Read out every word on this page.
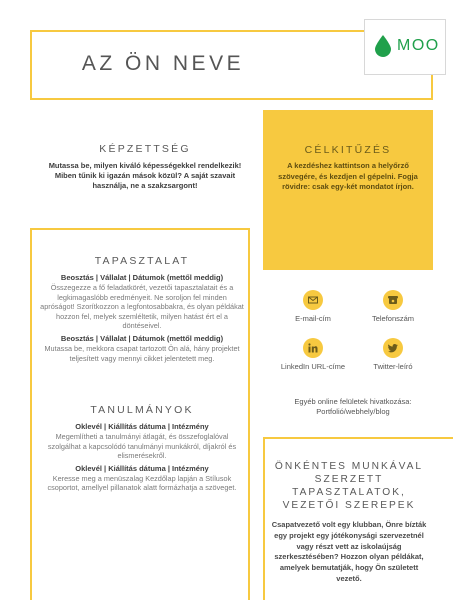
AZ ÖN NEVE
MOO
KÉPZETTSÉG
Mutassa be, milyen kiváló képességekkel rendelkezik! Miben tűnik ki igazán mások közül? A saját szavait használja, ne a szakzsargont!
CÉLKITŰZÉS
A kezdéshez kattintson a helyőrző szövegére, és kezdjen el gépelni. Fogja rövidre: csak egy-két mondatot írjon.
TAPASZTALAT
Beosztás | Vállalat | Dátumok (mettől meddig)
Összegezze a fő feladatkörét, vezetői tapasztalatait és a legkimagaslóbb eredményeit. Ne soroljon fel minden apróságot! Szorítkozzon a legfontosabbakra, és olyan példákat hozzon fel, melyek szemléltetik, milyen hatást ért el a döntéseivel.
Beosztás | Vállalat | Dátumok (mettől meddig)
Mutassa be, mekkora csapat tartozott Ön alá, hány projektet teljesített vagy mennyi cikket jelentetett meg.
TANULMÁNYOK
Oklevél | Kiállítás dátuma | Intézmény
Megemlítheti a tanulmányi átlagát, és összefoglalóval szolgálhat a kapcsolódó tanulmányi munkákról, díjakról és elismerésekről.
Oklevél | Kiállítás dátuma | Intézmény
Keresse meg a menüszalag Kezdőlap lapján a Stílusok csoportot, amellyel pillanatok alatt formázhatja a szöveget.
E-mail-cím	Telefonszám
LinkedIn URL-címe	Twitter-leíró
Egyéb online felületek hivatkozása: Portfolió/webhely/blog
ÖNKÉNTES MUNKÁVAL SZERZETT TAPASZTALATOK, VEZETŐI SZEREPEK
Csapatvezető volt egy klubban, Önre bízták egy projekt egy jótékonysági szervezetnél vagy részt vett az iskolaújság szerkesztésében? Hozzon olyan példákat, amelyek bemutatják, hogy Ön született vezető.
